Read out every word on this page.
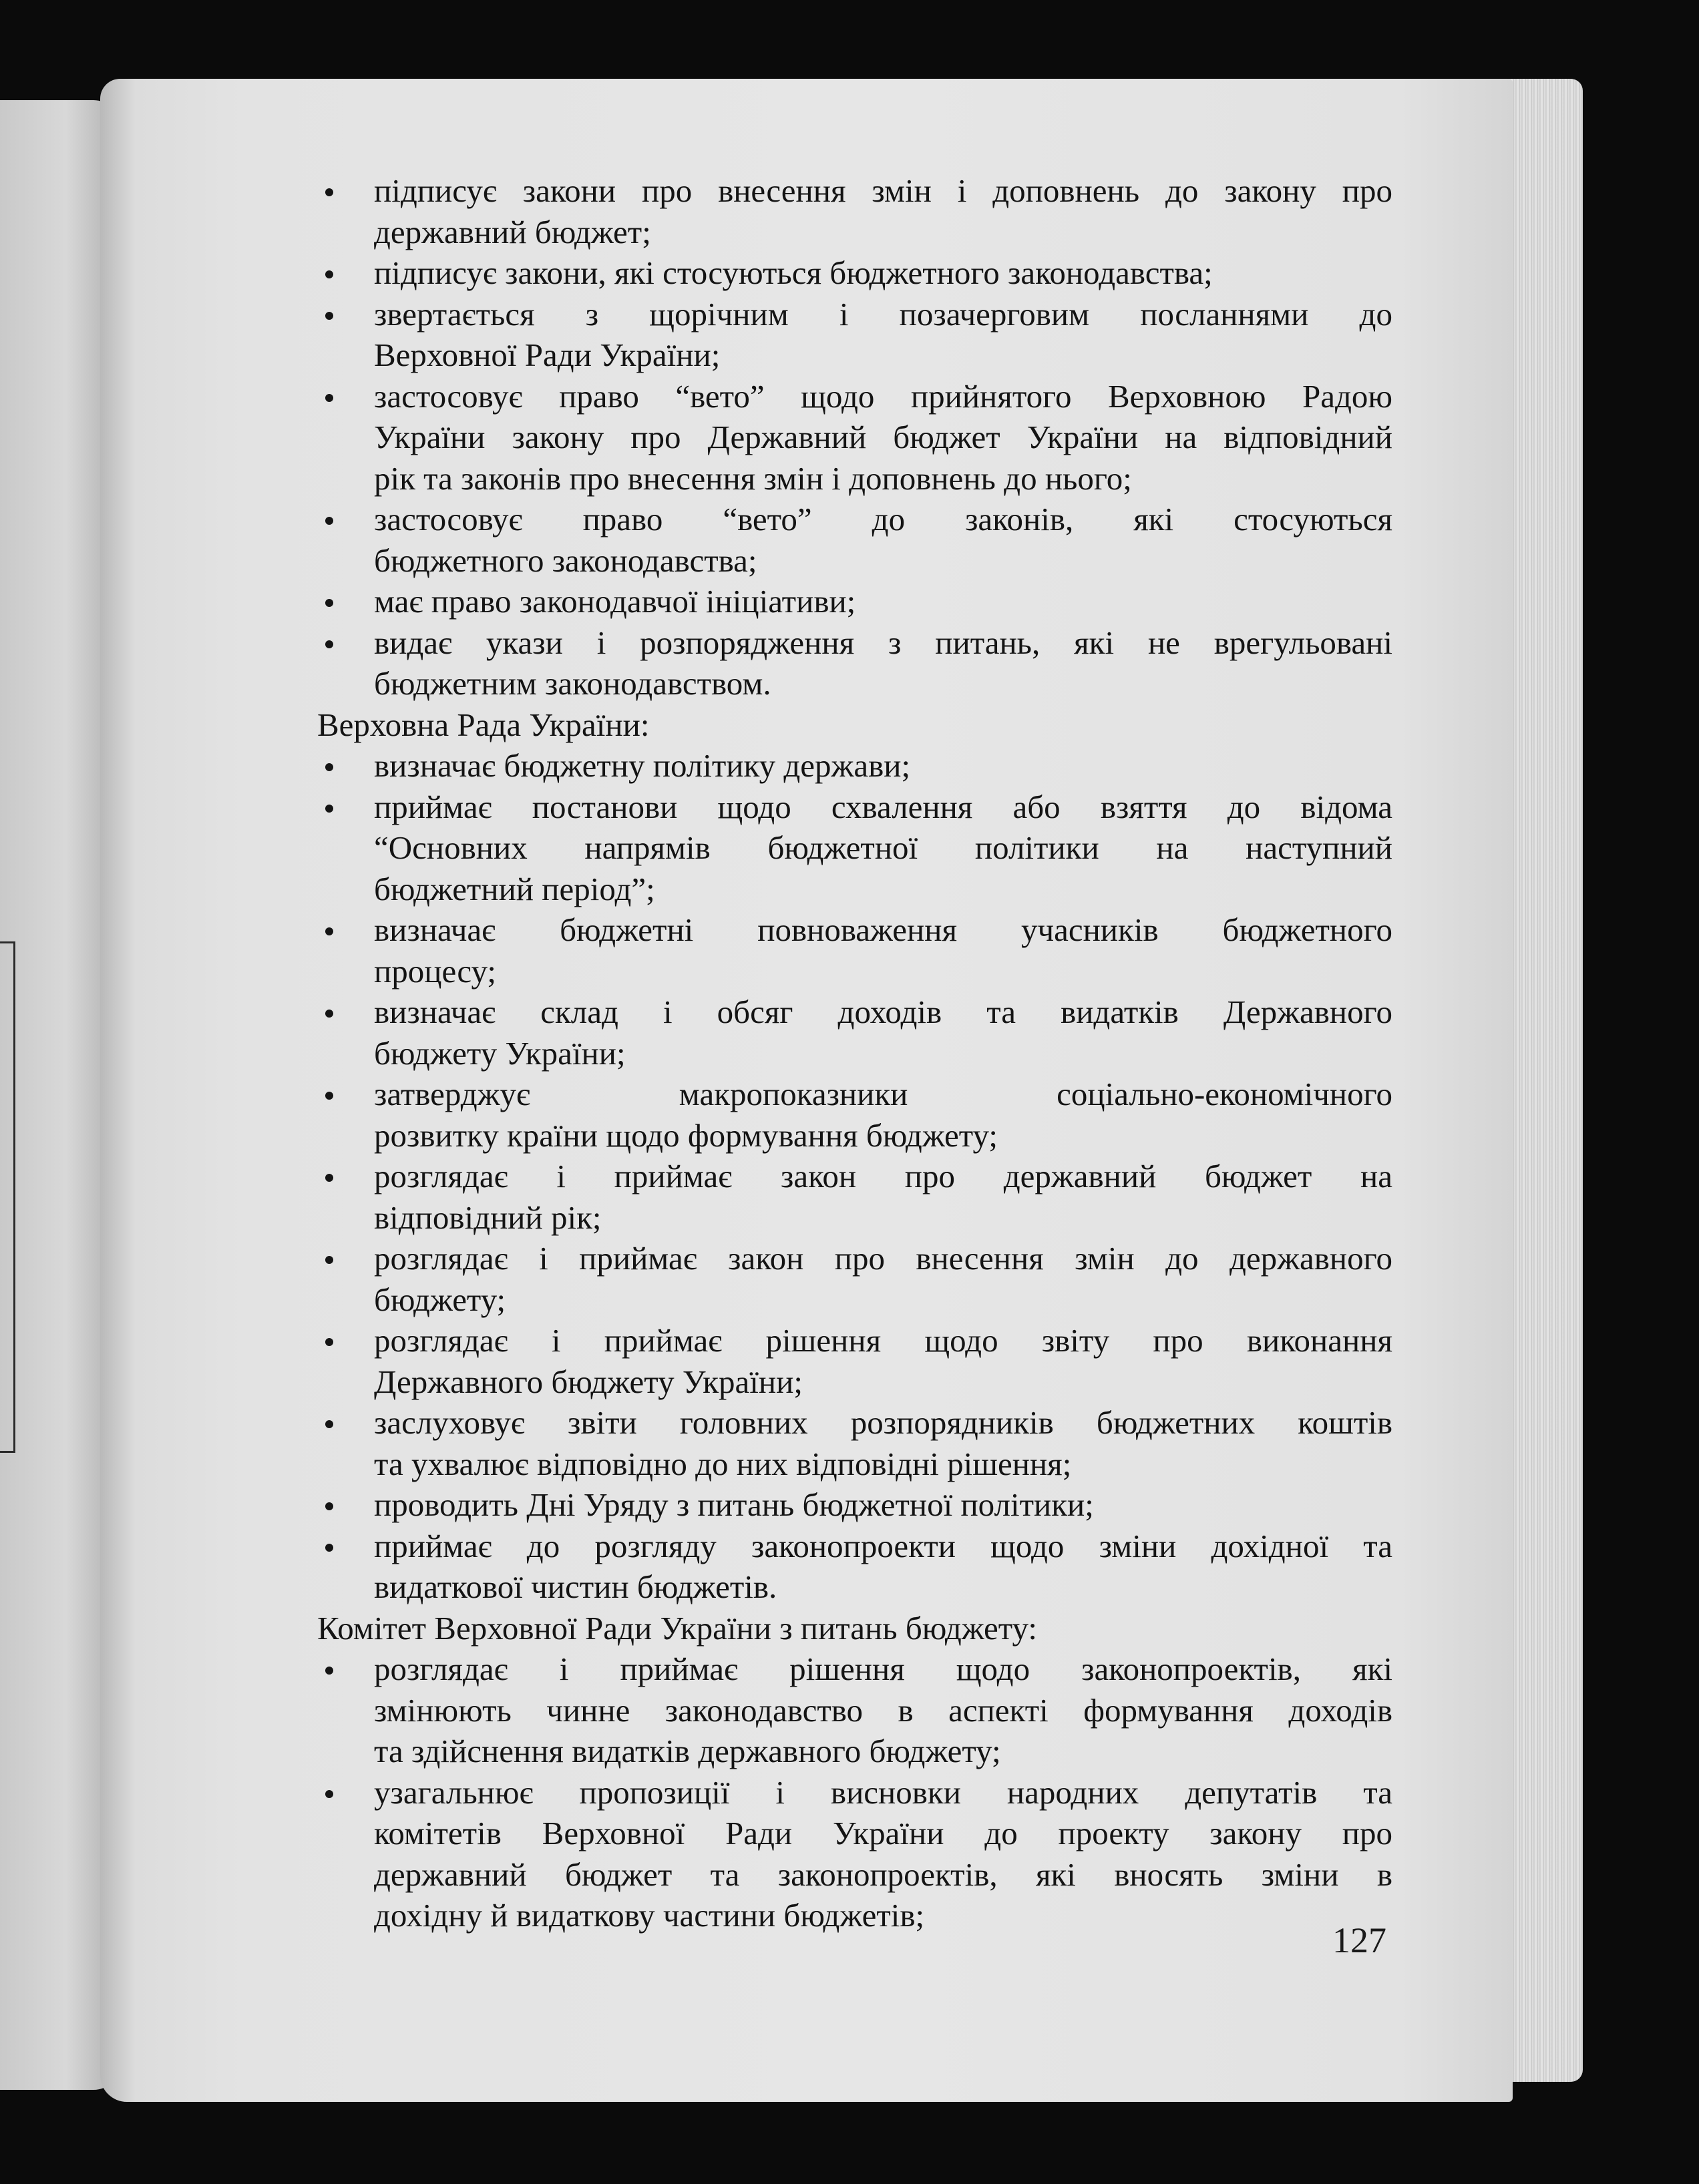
підписує закони про внесення змін і доповнень до закону про
державний бюджет;
підписує закони, які стосуються бюджетного законодавства;
звертається з щорічним і позачерговим посланнями до
Верховної Ради України;
застосовує право “вето” щодо прийнятого Верховною Радою
України закону про Державний бюджет України на відповідний
рік та законів про внесення змін і доповнень до нього;
застосовує право “вето” до законів, які стосуються
бюджетного законодавства;
має право законодавчої ініціативи;
видає укази і розпорядження з питань, які не врегульовані
бюджетним законодавством.
Верховна Рада України:
визначає бюджетну політику держави;
приймає постанови щодо схвалення або взяття до відома
“Основних напрямів бюджетної політики на наступний
бюджетний період”;
визначає бюджетні повноваження учасників бюджетного
процесу;
визначає склад і обсяг доходів та видатків Державного
бюджету України;
затверджує макропоказники соціально-економічного
розвитку країни щодо формування бюджету;
розглядає і приймає закон про державний бюджет на
відповідний рік;
розглядає і приймає закон про внесення змін до державного
бюджету;
розглядає і приймає рішення щодо звіту про виконання
Державного бюджету України;
заслуховує звіти головних розпорядників бюджетних коштів
та ухвалює відповідно до них відповідні рішення;
проводить Дні Уряду з питань бюджетної політики;
приймає до розгляду законопроекти щодо зміни дохідної та
видаткової чистин бюджетів.
Комітет Верховної Ради України з питань бюджету:
розглядає і приймає рішення щодо законопроектів, які
змінюють чинне законодавство в аспекті формування доходів
та здійснення видатків державного бюджету;
узагальнює пропозиції і висновки народних депутатів та
комітетів Верховної Ради України до проекту закону про
державний бюджет та законопроектів, які вносять зміни в
дохідну й видаткову частини бюджетів;
127
